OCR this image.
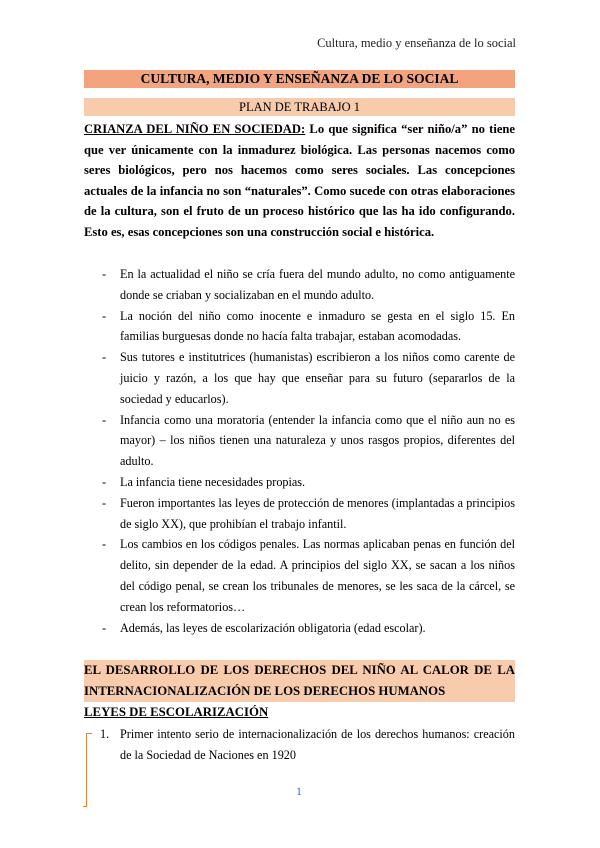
Cultura, medio y enseñanza de lo social
CULTURA, MEDIO Y ENSEÑANZA DE LO SOCIAL
PLAN DE TRABAJO 1
CRIANZA DEL NIÑO EN SOCIEDAD: Lo que significa “ser niño/a” no tiene que ver únicamente con la inmadurez biológica. Las personas nacemos como seres biológicos, pero nos hacemos como seres sociales. Las concepciones actuales de la infancia no son “naturales”. Como sucede con otras elaboraciones de la cultura, son el fruto de un proceso histórico que las ha ido configurando. Esto es, esas concepciones son una construcción social e histórica.
- En la actualidad el niño se cría fuera del mundo adulto, no como antiguamente donde se criaban y socializaban en el mundo adulto.
- La noción del niño como inocente e inmaduro se gesta en el siglo 15. En familias burguesas donde no hacía falta trabajar, estaban acomodadas.
- Sus tutores e institutrices (humanistas) escribieron a los niños como carente de juicio y razón, a los que hay que enseñar para su futuro (separarlos de la sociedad y educarlos).
- Infancia como una moratoria (entender la infancia como que el niño aun no es mayor) – los niños tienen una naturaleza y unos rasgos propios, diferentes del adulto.
- La infancia tiene necesidades propias.
- Fueron importantes las leyes de protección de menores (implantadas a principios de siglo XX), que prohibían el trabajo infantil.
- Los cambios en los códigos penales. Las normas aplicaban penas en función del delito, sin depender de la edad. A principios del siglo XX, se sacan a los niños del código penal, se crean los tribunales de menores, se les saca de la cárcel, se crean los reformatorios…
- Además, las leyes de escolarización obligatoria (edad escolar).
EL DESARROLLO DE LOS DERECHOS DEL NIÑO AL CALOR DE LA INTERNACIONALIZACIÓN DE LOS DERECHOS HUMANOS
LEYES DE ESCOLARIZACIÓN
1. Primer intento serio de internacionalización de los derechos humanos: creación de la Sociedad de Naciones en 1920
1
